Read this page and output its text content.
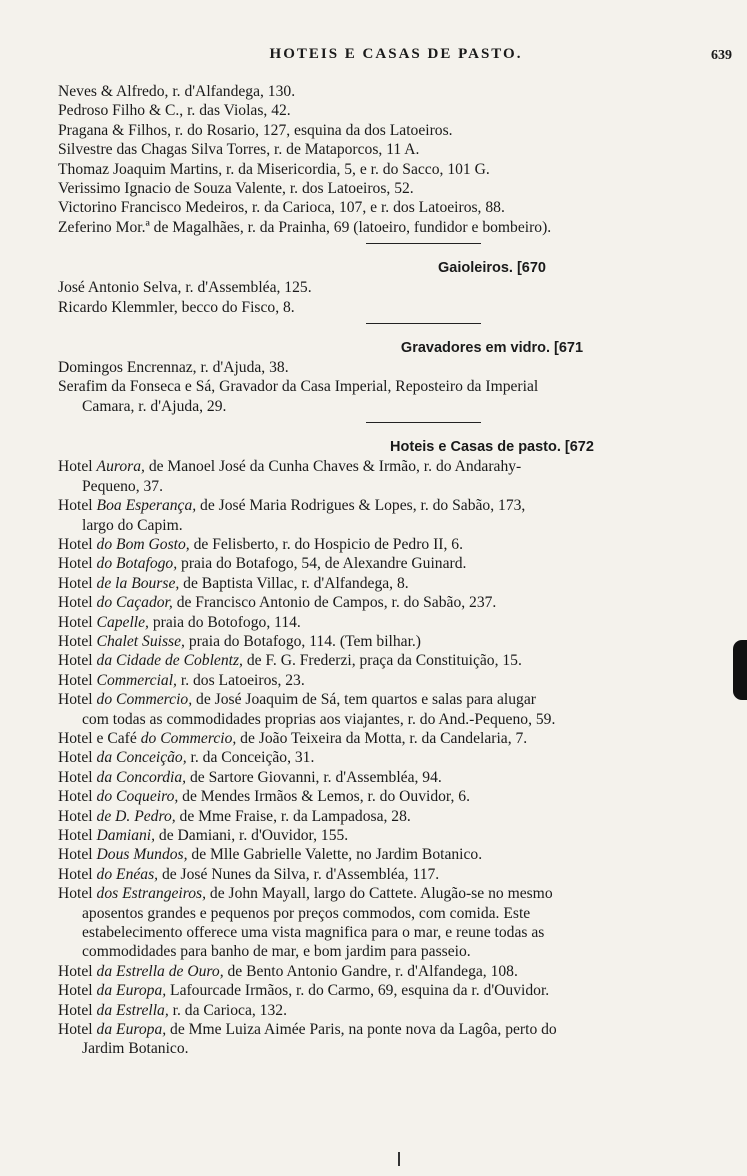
HOTEIS E CASAS DE PASTO.	639
Neves & Alfredo, r. d'Alfandega, 130.
Pedroso Filho & C., r. das Violas, 42.
Pragana & Filhos, r. do Rosario, 127, esquina da dos Latoeiros.
Silvestre das Chagas Silva Torres, r. de Mataporcos, 11 A.
Thomaz Joaquim Martins, r. da Misericordia, 5, e r. do Sacco, 101 G.
Verissimo Ignacio de Souza Valente, r. dos Latoeiros, 52.
Victorino Francisco Medeiros, r. da Carioca, 107, e r. dos Latoeiros, 88.
Zeferino Mor.ª de Magalhães, r. da Prainha, 69 (latoeiro, fundidor e bombeiro).
Gaioleiros. [670
José Antonio Selva, r. d'Assembléa, 125.
Ricardo Klemmler, becco do Fisco, 8.
Gravadores em vidro. [671
Domingos Encrennaz, r. d'Ajuda, 38.
Serafim da Fonseca e Sá, Gravador da Casa Imperial, Reposteiro da Imperial
Camara, r. d'Ajuda, 29.
Hoteis e Casas de pasto. [672
Hotel Aurora, de Manoel José da Cunha Chaves & Irmão, r. do Andarahy-
Pequeno, 37.
Hotel Boa Esperança, de José Maria Rodrigues & Lopes, r. do Sabão, 173,
largo do Capim.
Hotel do Bom Gosto, de Felisberto, r. do Hospicio de Pedro II, 6.
Hotel do Botafogo, praia do Botafogo, 54, de Alexandre Guinard.
Hotel de la Bourse, de Baptista Villac, r. d'Alfandega, 8.
Hotel do Caçador, de Francisco Antonio de Campos, r. do Sabão, 237.
Hotel Capelle, praia do Botofogo, 114.
Hotel Chalet Suisse, praia do Botafogo, 114. (Tem bilhar.)
Hotel da Cidade de Coblentz, de F. G. Frederzi, praça da Constituição, 15.
Hotel Commercial, r. dos Latoeiros, 23.
Hotel do Commercio, de José Joaquim de Sá, tem quartos e salas para alugar
com todas as commodidades proprias aos viajantes, r. do And.-Pequeno, 59.
Hotel e Café do Commercio, de João Teixeira da Motta, r. da Candelaria, 7.
Hotel da Conceição, r. da Conceição, 31.
Hotel da Concordia, de Sartore Giovanni, r. d'Assembléa, 94.
Hotel do Coqueiro, de Mendes Irmãos & Lemos, r. do Ouvidor, 6.
Hotel de D. Pedro, de Mme Fraise, r. da Lampadosa, 28.
Hotel Damiani, de Damiani, r. d'Ouvidor, 155.
Hotel Dous Mundos, de Mlle Gabrielle Valette, no Jardim Botanico.
Hotel do Enéas, de José Nunes da Silva, r. d'Assembléa, 117.
Hotel dos Estrangeiros, de John Mayall, largo do Cattete. Alugão-se no mesmo
aposentos grandes e pequenos por preços commodos, com comida. Este
estabelecimento offerece uma vista magnifica para o mar, e reune todas as
commodidades para banho de mar, e bom jardim para passeio.
Hotel da Estrella de Ouro, de Bento Antonio Gandre, r. d'Alfandega, 108.
Hotel da Europa, Lafourcade Irmãos, r. do Carmo, 69, esquina da r. d'Ouvidor.
Hotel da Estrella, r. da Carioca, 132.
Hotel da Europa, de Mme Luiza Aimée Paris, na ponte nova da Lagôa, perto do
Jardim Botanico.
